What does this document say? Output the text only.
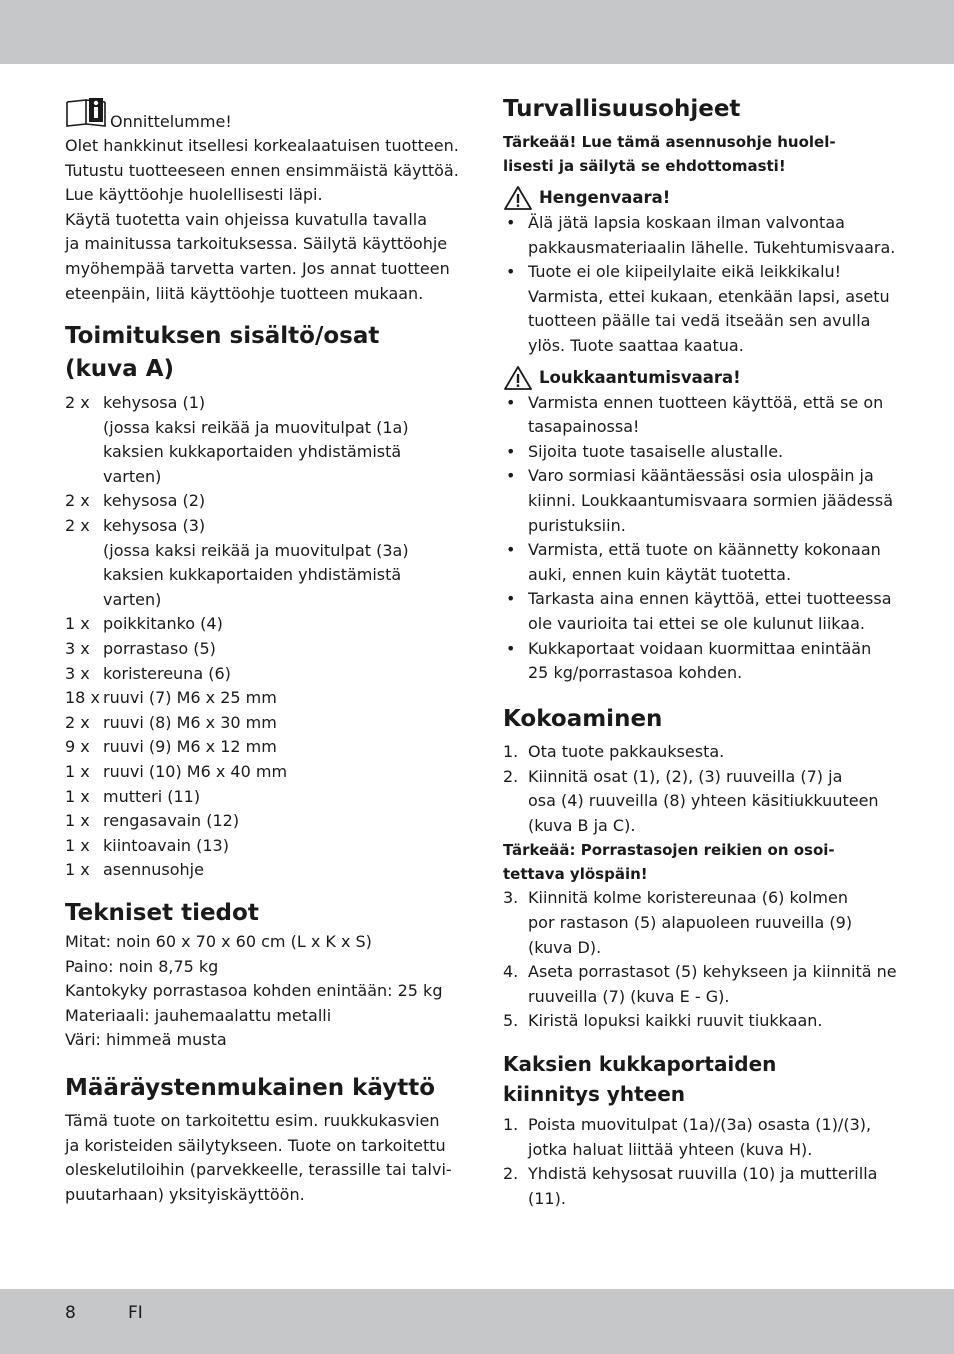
Onnittelumme!
Olet hankkinut itsellesi korkealaatuisen tuotteen.
Tutustu tuotteeseen ennen ensimmäistä käyttöä.
Lue käyttöohje huolellisesti läpi.
Käytä tuotetta vain ohjeissa kuvatulla tavalla
ja mainitussa tarkoituksessa. Säilytä käyttöohje
myöhempää tarvetta varten. Jos annat tuotteen
eteenpäin, liitä käyttöohje tuotteen mukaan.
Toimituksen sisältö/osat
(kuva A)
2 x kehysosa (1)
(jossa kaksi reikää ja muovitulpat (1a)
kaksien kukkaportaiden yhdistämistä
varten)
2 x kehysosa (2)
2 x kehysosa (3)
(jossa kaksi reikää ja muovitulpat (3a)
kaksien kukkaportaiden yhdistämistä
varten)
1 x poikkitanko (4)
3 x porrastaso (5)
3 x koristereuna (6)
18 x ruuvi (7) M6 x 25 mm
2 x ruuvi (8) M6 x 30 mm
9 x ruuvi (9) M6 x 12 mm
1 x ruuvi (10) M6 x 40 mm
1 x mutteri (11)
1 x rengasavain (12)
1 x kiintoavain (13)
1 x asennusohje
Tekniset tiedot
Mitat: noin 60 x 70 x 60 cm (L x K x S)
Paino: noin 8,75 kg
Kantokyky porrastasoa kohden enintään: 25 kg
Materiaali: jauhemaalattu metalli
Väri: himmeä musta
Määräystenmukainen käyttö
Tämä tuote on tarkoitettu esim. ruukkukasvien
ja koristeiden säilytykseen. Tuote on tarkoitettu
oleskelutiloihin (parvekkeelle, terassille tai talvi-
puutarhaan) yksityiskäyttöön.
Turvallisuusohjeet
Tärkeää! Lue tämä asennusohje huolel-
lisesti ja säilytä se ehdottomasti!
Hengenvaara!
• Älä jätä lapsia koskaan ilman valvontaa
pakkausmateriaalin lähelle. Tukehtumisvaara.
• Tuote ei ole kiipeilylaite eikä leikkikalu!
Varmista, ettei kukaan, etenkään lapsi, asetu
tuotteen päälle tai vedä itseään sen avulla
ylös. Tuote saattaa kaatua.
Loukkaantumisvaara!
• Varmista ennen tuotteen käyttöä, että se on
tasapainossa!
• Sijoita tuote tasaiselle alustalle.
• Varo sormiasi kääntäessäsi osia ulospäin ja
kiinni. Loukkaantumisvaara sormien jäädessä
puristuksiin.
• Varmista, että tuote on käännetty kokonaan
auki, ennen kuin käytät tuotetta.
• Tarkasta aina ennen käyttöä, ettei tuotteessa
ole vaurioita tai ettei se ole kulunut liikaa.
• Kukkaportaat voidaan kuormittaa enintään
25 kg/porrastasoa kohden.
Kokoaminen
1. Ota tuote pakkauksesta.
2. Kiinnitä osat (1), (2), (3) ruuveilla (7) ja
osa (4) ruuveilla (8) yhteen käsitiukkuuteen
(kuva B ja C).
Tärkeää: Porrastasojen reikien on osoi-
tettava ylöspäin!
3. Kiinnitä kolme koristereunaa (6) kolmen
por rastason (5) alapuoleen ruuveilla (9)
(kuva D).
4. Aseta porrastasot (5) kehykseen ja kiinnitä ne
ruuveilla (7) (kuva E - G).
5. Kiristä lopuksi kaikki ruuvit tiukkaan.
Kaksien kukkaportaiden
kiinnitys yhteen
1. Poista muovitulpat (1a)/(3a) osasta (1)/(3),
jotka haluat liittää yhteen (kuva H).
2. Yhdistä kehysosat ruuvilla (10) ja mutterilla
(11).
8	FI
